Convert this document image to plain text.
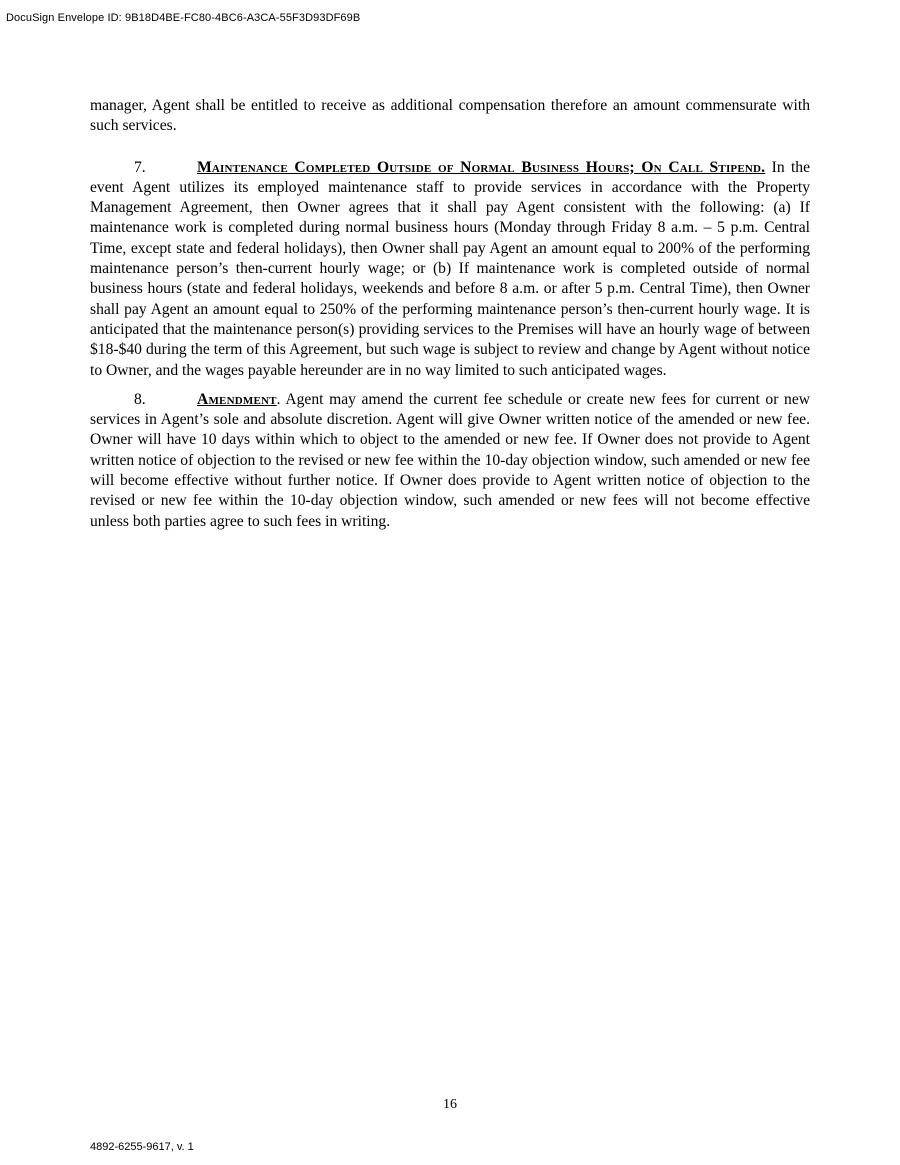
DocuSign Envelope ID: 9B18D4BE-FC80-4BC6-A3CA-55F3D93DF69B

manager, Agent shall be entitled to receive as additional compensation therefore an amount commensurate with such services.

7.	Maintenance Completed Outside of Normal Business Hours; On Call Stipend. In the event Agent utilizes its employed maintenance staff to provide services in accordance with the Property Management Agreement, then Owner agrees that it shall pay Agent consistent with the following: (a) If maintenance work is completed during normal business hours (Monday through Friday 8 a.m. – 5 p.m. Central Time, except state and federal holidays), then Owner shall pay Agent an amount equal to 200% of the performing maintenance person’s then-current hourly wage; or (b) If maintenance work is completed outside of normal business hours (state and federal holidays, weekends and before 8 a.m. or after 5 p.m. Central Time), then Owner shall pay Agent an amount equal to 250% of the performing maintenance person’s then-current hourly wage. It is anticipated that the maintenance person(s) providing services to the Premises will have an hourly wage of between $18-$40 during the term of this Agreement, but such wage is subject to review and change by Agent without notice to Owner, and the wages payable hereunder are in no way limited to such anticipated wages.

8.	Amendment. Agent may amend the current fee schedule or create new fees for current or new services in Agent’s sole and absolute discretion. Agent will give Owner written notice of the amended or new fee. Owner will have 10 days within which to object to the amended or new fee. If Owner does not provide to Agent written notice of objection to the revised or new fee within the 10-day objection window, such amended or new fee will become effective without further notice. If Owner does provide to Agent written notice of objection to the revised or new fee within the 10-day objection window, such amended or new fees will not become effective unless both parties agree to such fees in writing.

16
4892-6255-9617, v. 1
